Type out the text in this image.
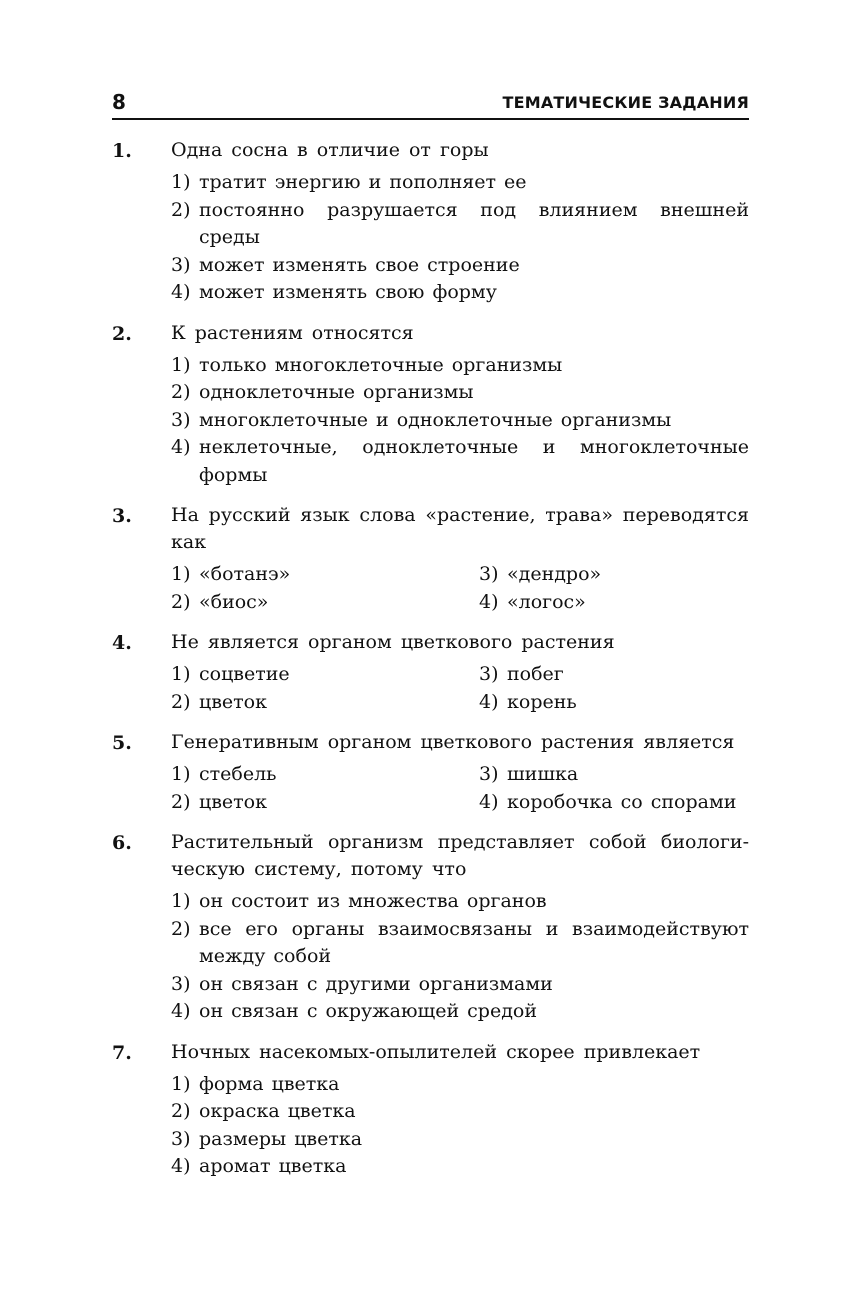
8	ТЕМАТИЧЕСКИЕ ЗАДАНИЯ
1. Одна сосна в отличие от горы
1) тратит энергию и пополняет ее
2) постоянно разрушается под влиянием внешней среды
3) может изменять свое строение
4) может изменять свою форму
2. К растениям относятся
1) только многоклеточные организмы
2) одноклеточные организмы
3) многоклеточные и одноклеточные организмы
4) неклеточные, одноклеточные и многоклеточные формы
3. На русский язык слова «растение, трава» переводятся как
1) «ботанэ»	3) «дендро»
2) «биос»	4) «логос»
4. Не является органом цветкового растения
1) соцветие	3) побег
2) цветок	4) корень
5. Генеративным органом цветкового растения является
1) стебель	3) шишка
2) цветок	4) коробочка со спорами
6. Растительный организм представляет собой биологическую систему, потому что
1) он состоит из множества органов
2) все его органы взаимосвязаны и взаимодействуют между собой
3) он связан с другими организмами
4) он связан с окружающей средой
7. Ночных насекомых-опылителей скорее привлекает
1) форма цветка
2) окраска цветка
3) размеры цветка
4) аромат цветка
